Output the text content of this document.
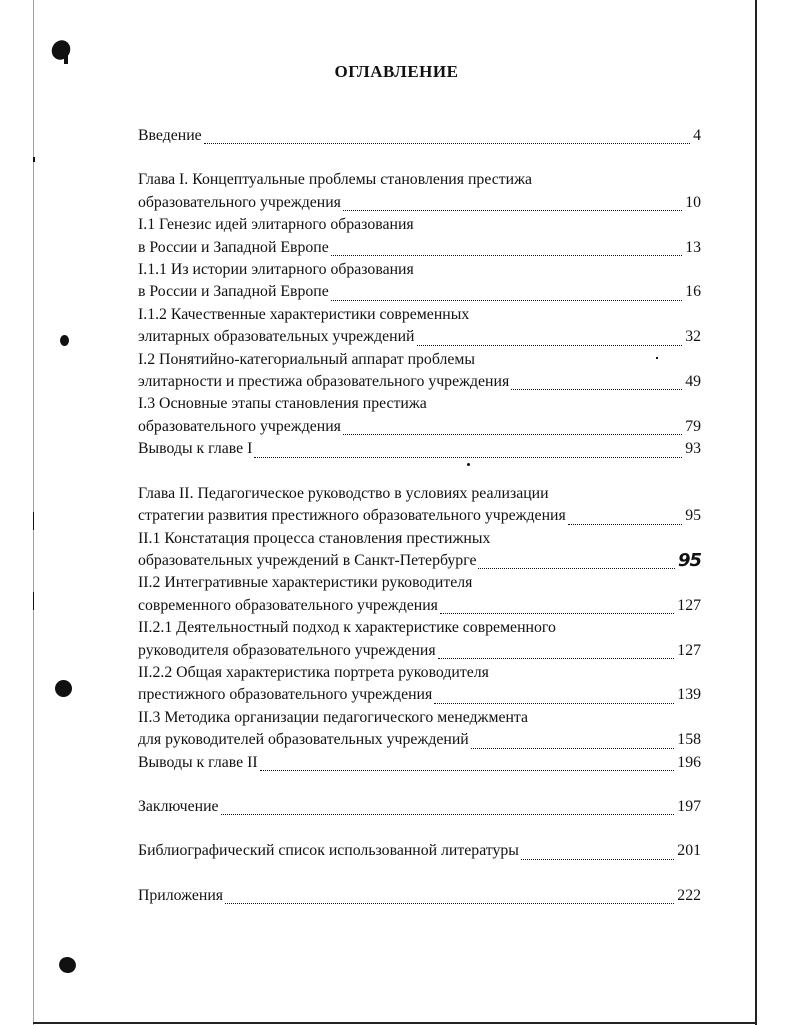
ОГЛАВЛЕНИЕ
Введение	4
Глава I. Концептуальные проблемы становления престижа
образовательного учреждения	10
I.1 Генезис идей элитарного образования
в России и Западной Европе	13
I.1.1 Из истории элитарного образования
в России и Западной Европе	16
I.1.2 Качественные характеристики современных
элитарных образовательных учреждений	32
I.2 Понятийно-категориальный аппарат проблемы
элитарности и престижа образовательного учреждения	49
I.3 Основные этапы становления престижа
образовательного учреждения	79
Выводы к главе I	93
Глава II. Педагогическое руководство в условиях реализации
стратегии развития престижного образовательного учреждения	95
II.1 Констатация процесса становления престижных
образовательных учреждений в Санкт-Петербурге	95
II.2 Интегративные характеристики руководителя
современного образовательного учреждения	127
II.2.1 Деятельностный подход к характеристике современного
руководителя образовательного учреждения	127
II.2.2 Общая характеристика портрета руководителя
престижного образовательного учреждения	139
II.3 Методика организации педагогического менеджмента
для руководителей образовательных учреждений	158
Выводы к главе II	196
Заключение	197
Библиографический список использованной литературы	201
Приложения	222
